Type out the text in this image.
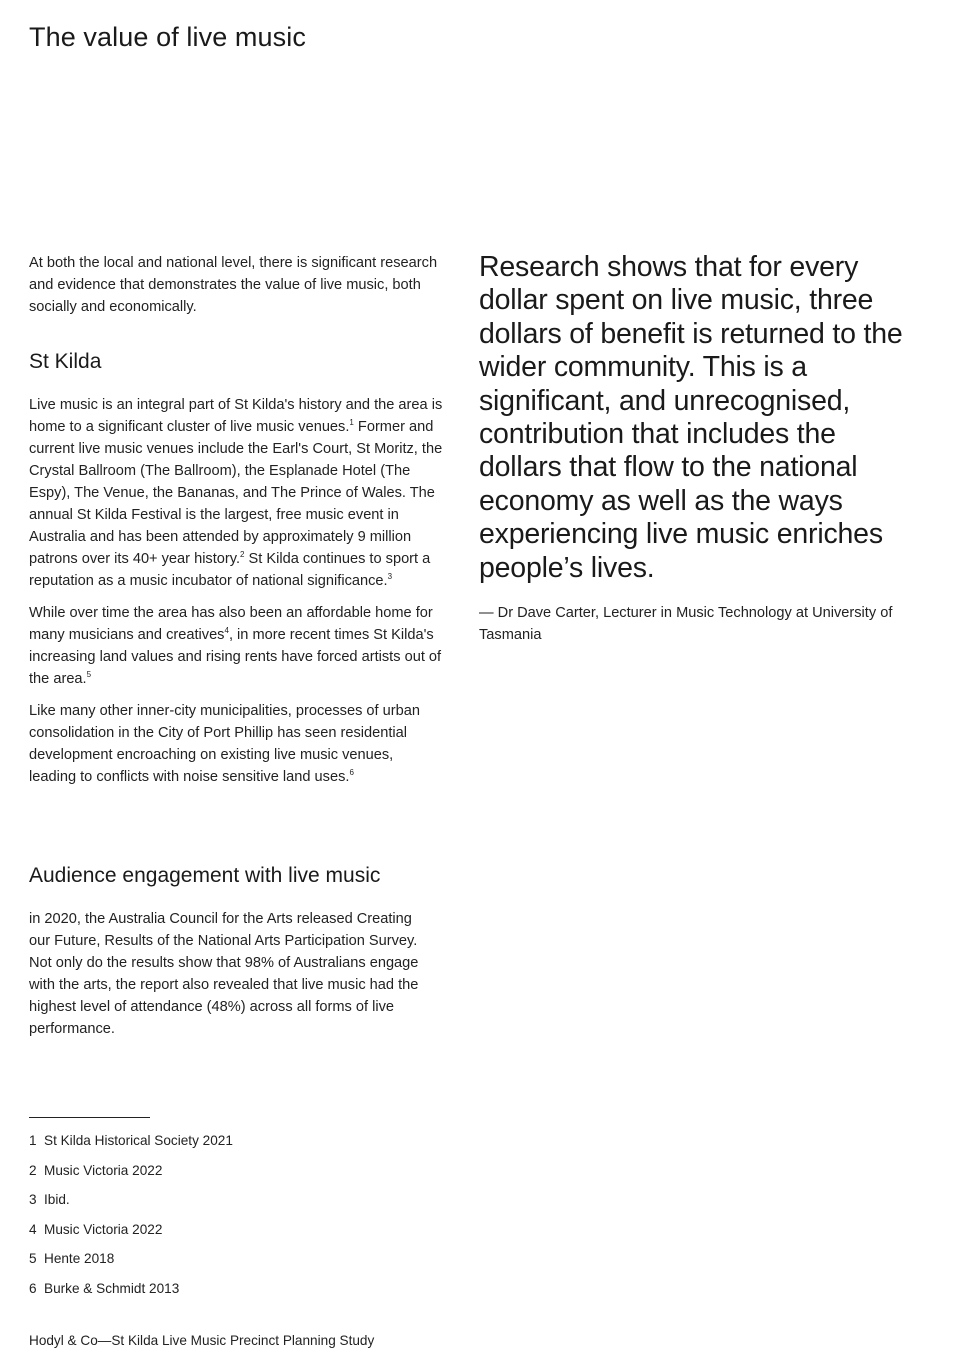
The value of live music

At both the local and national level, there is significant research and evidence that demonstrates the value of live music, both socially and economically.

St Kilda

Live music is an integral part of St Kilda's history and the area is home to a significant cluster of live music venues.$^1$ Former and current live music venues include the Earl's Court, St Moritz, the Crystal Ballroom (The Ballroom), the Esplanade Hotel (The Espy), The Venue, the Bananas, and The Prince of Wales. The annual St Kilda Festival is the largest, free music event in Australia and has been attended by approximately 9 million patrons over its 40+ year history.$^2$ St Kilda continues to sport a reputation as a music incubator of national significance.$^3$

While over time the area has also been an affordable home for many musicians and creatives$^4$, in more recent times St Kilda's increasing land values and rising rents have forced artists out of the area.$^5$

Like many other inner-city municipalities, processes of urban consolidation in the City of Port Phillip has seen residential development encroaching on existing live music venues, leading to conflicts with noise sensitive land uses.$^6$

Audience engagement with live music

in 2020, the Australia Council for the Arts released Creating our Future, Results of the National Arts Participation Survey. Not only do the results show that 98% of Australians engage with the arts, the report also revealed that live music had the highest level of attendance (48%) across all forms of live performance.

Research shows that for every dollar spent on live music, three dollars of benefit is returned to the wider community. This is a significant, and unrecognised, contribution that includes the dollars that flow to the national economy as well as the ways experiencing live music enriches people’s lives.

— Dr Dave Carter, Lecturer in Music Technology at University of Tasmania

1 St Kilda Historical Society 2021
2 Music Victoria 2022
3 Ibid.
4 Music Victoria 2022
5 Hente 2018
6 Burke & Schmidt 2013
Hodyl & Co—St Kilda Live Music Precinct Planning Study
